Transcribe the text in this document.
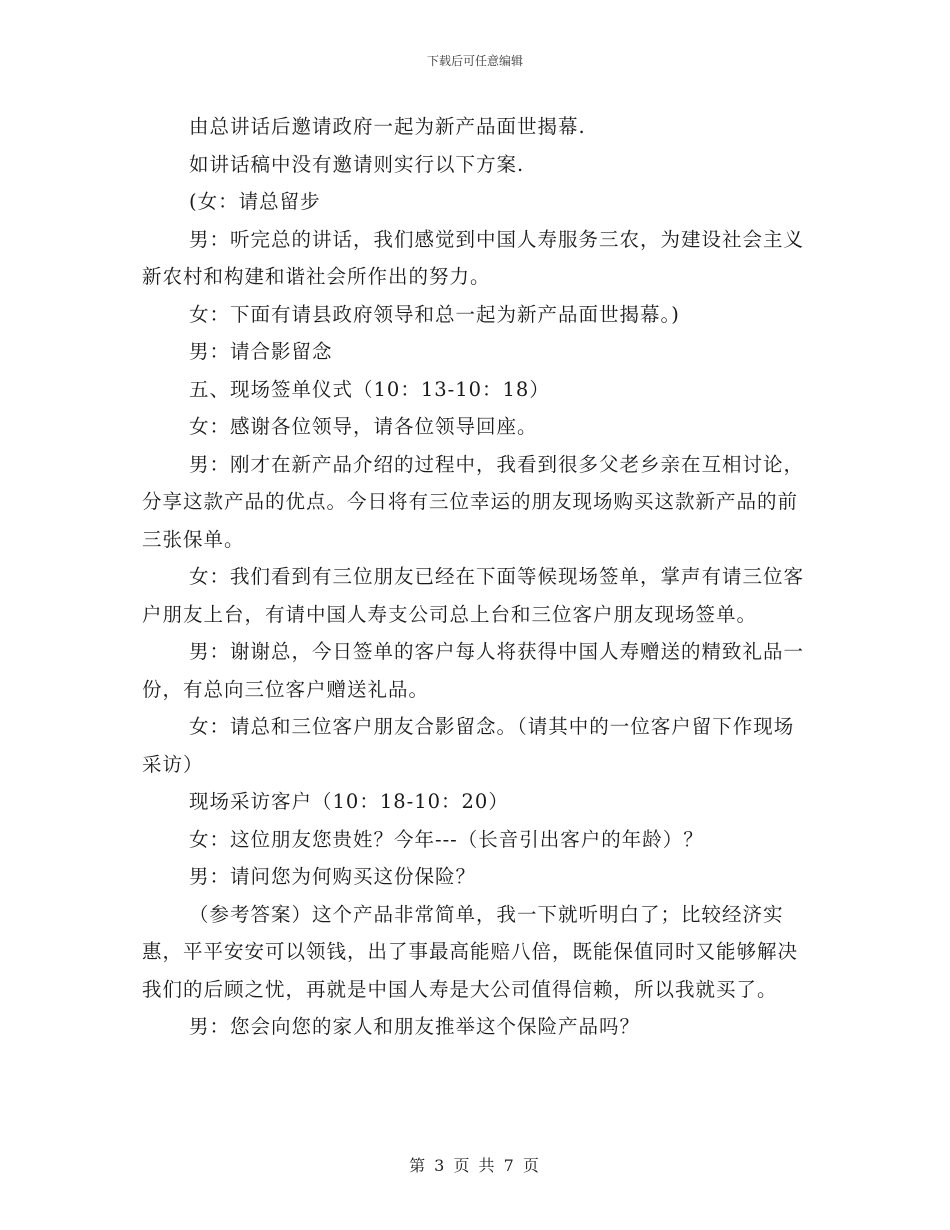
下载后可任意编辑

由总讲话后邀请政府一起为新产品面世揭幕.

如讲话稿中没有邀请则实行以下方案.

(女：请总留步

男：听完总的讲话，我们感觉到中国人寿服务三农，为建设社会主义新农村和构建和谐社会所作出的努力。

女：下面有请县政府领导和总一起为新产品面世揭幕。)

男：请合影留念

五、现场签单仪式（10：13-10：18）

女：感谢各位领导，请各位领导回座。

男：刚才在新产品介绍的过程中，我看到很多父老乡亲在互相讨论，分享这款产品的优点。今日将有三位幸运的朋友现场购买这款新产品的前三张保单。

女：我们看到有三位朋友已经在下面等候现场签单，掌声有请三位客户朋友上台，有请中国人寿支公司总上台和三位客户朋友现场签单。

男：谢谢总，今日签单的客户每人将获得中国人寿赠送的精致礼品一份，有总向三位客户赠送礼品。

女：请总和三位客户朋友合影留念。（请其中的一位客户留下作现场采访）

现场采访客户（10：18-10：20）

女：这位朋友您贵姓？今年---（长音引出客户的年龄）？

男：请问您为何购买这份保险？

（参考答案）这个产品非常简单，我一下就听明白了；比较经济实惠，平平安安可以领钱，出了事最高能赔八倍，既能保值同时又能够解决我们的后顾之忧，再就是中国人寿是大公司值得信赖，所以我就买了。

男：您会向您的家人和朋友推举这个保险产品吗？

第 3 页 共 7 页
